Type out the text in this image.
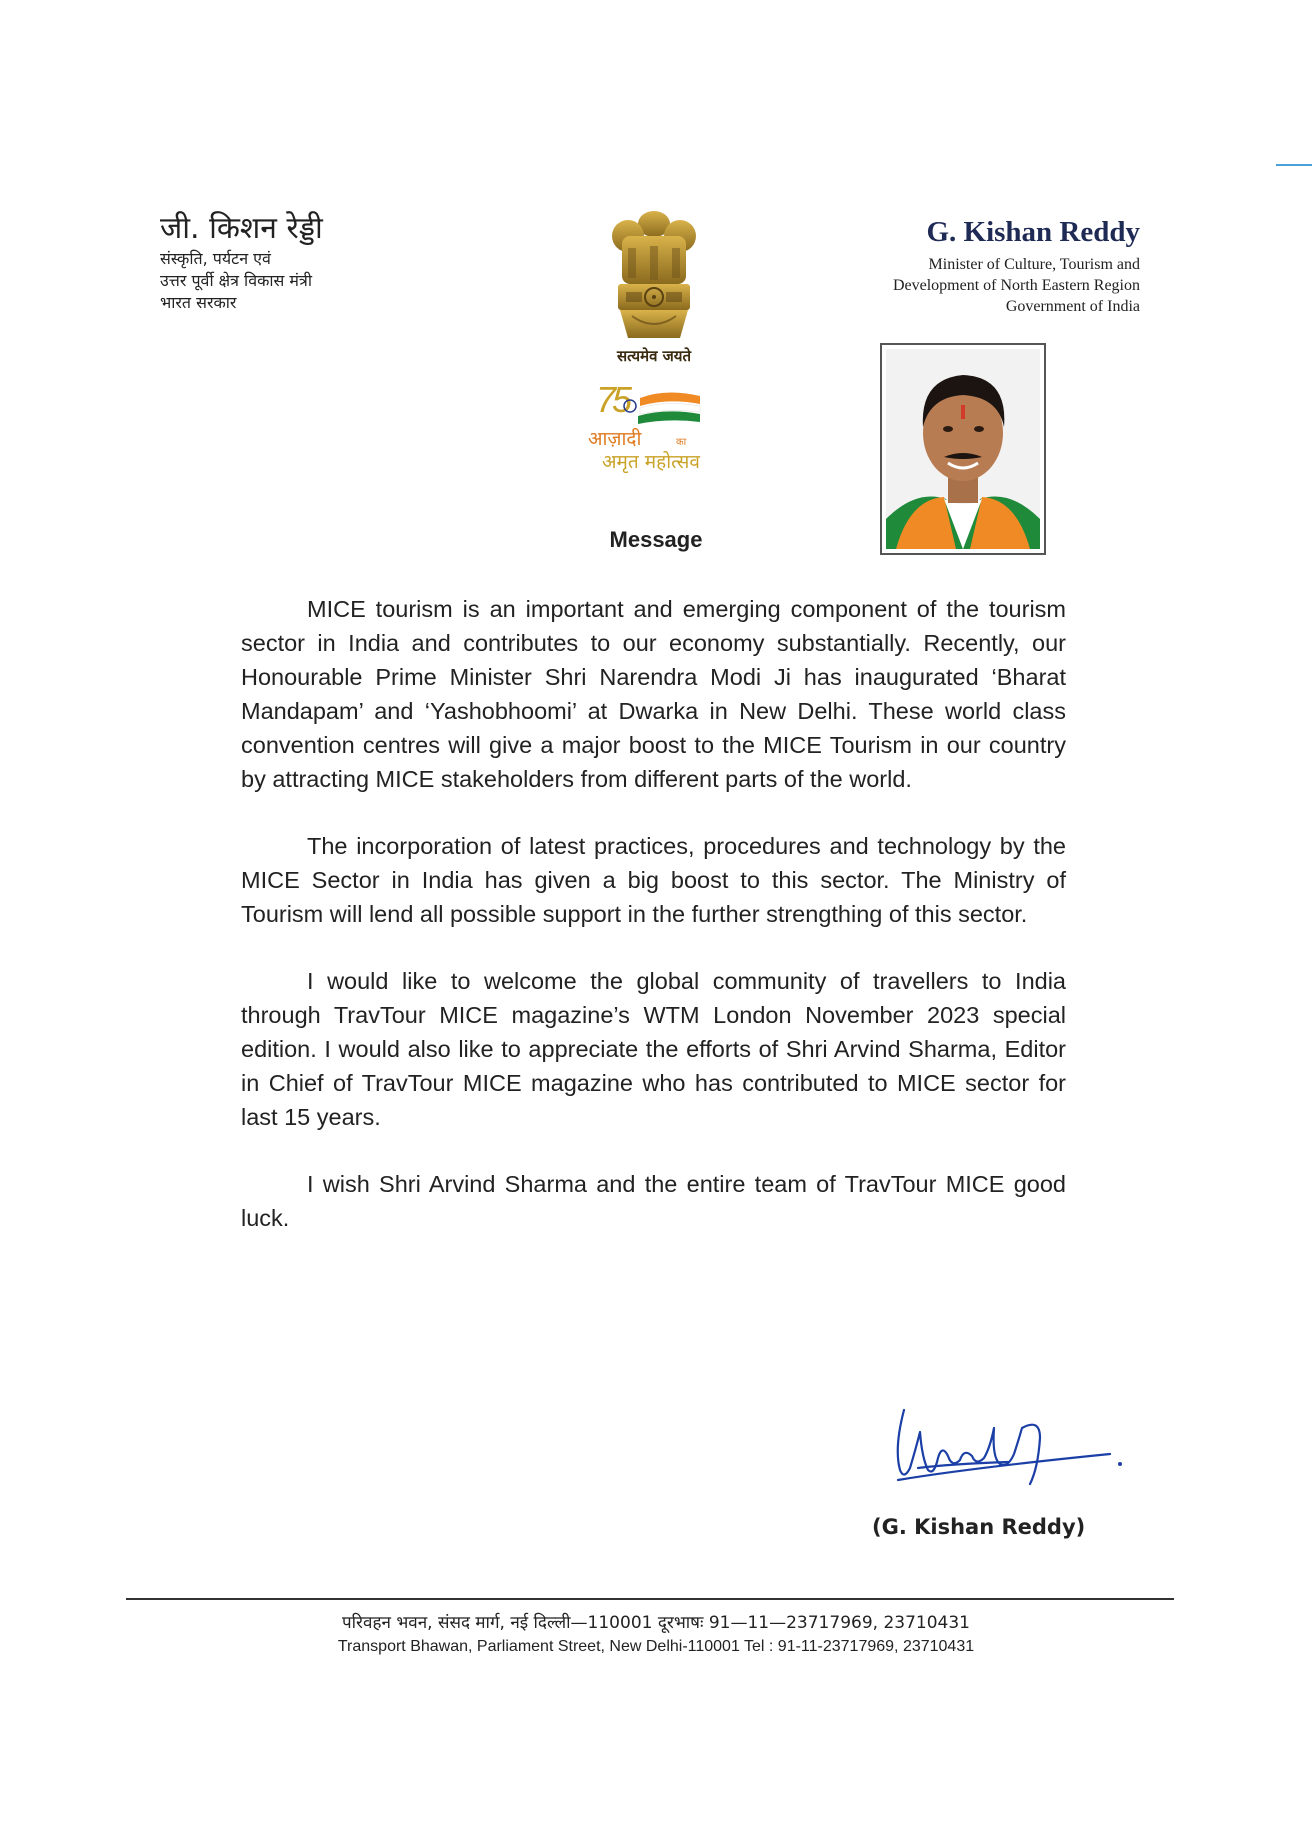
जी. किशन रेड्डी

संस्कृति, पर्यटन एवं

उत्तर पूर्वी क्षेत्र विकास मंत्री

भारत सरकार

G. Kishan Reddy

Minister of Culture, Tourism and

Development of North Eastern Region

Government of India

सत्यमेव जयते
7
5
आज़ादी	का
अमृत महोत्सव
Message

MICE tourism is an important and emerging component of the tourism sector in India and contributes to our economy substantially. Recently, our Honourable Prime Minister Shri Narendra Modi Ji has inaugurated ‘Bharat Mandapam’ and ‘Yashobhoomi’ at Dwarka in New Delhi. These world class convention centres will give a major boost to the MICE Tourism in our country by attracting MICE stakeholders from different parts of the world.

The incorporation of latest practices, procedures and technology by the MICE Sector in India has given a big boost to this sector. The Ministry of Tourism will lend all possible support in the further strengthing of this sector.

I would like to welcome the global community of travellers to India through TravTour MICE magazine’s WTM London November 2023 special edition. I would also like to appreciate the efforts of Shri Arvind Sharma, Editor in Chief of TravTour MICE magazine who has contributed to MICE sector for last 15 years.

I wish Shri Arvind Sharma and the entire team of TravTour MICE good luck.

(G. Kishan Reddy)
परिवहन भवन, संसद मार्ग, नई दिल्ली—110001 दूरभाषः 91—11—23717969, 23710431
Transport Bhawan, Parliament Street, New Delhi-110001 Tel : 91-11-23717969, 23710431
